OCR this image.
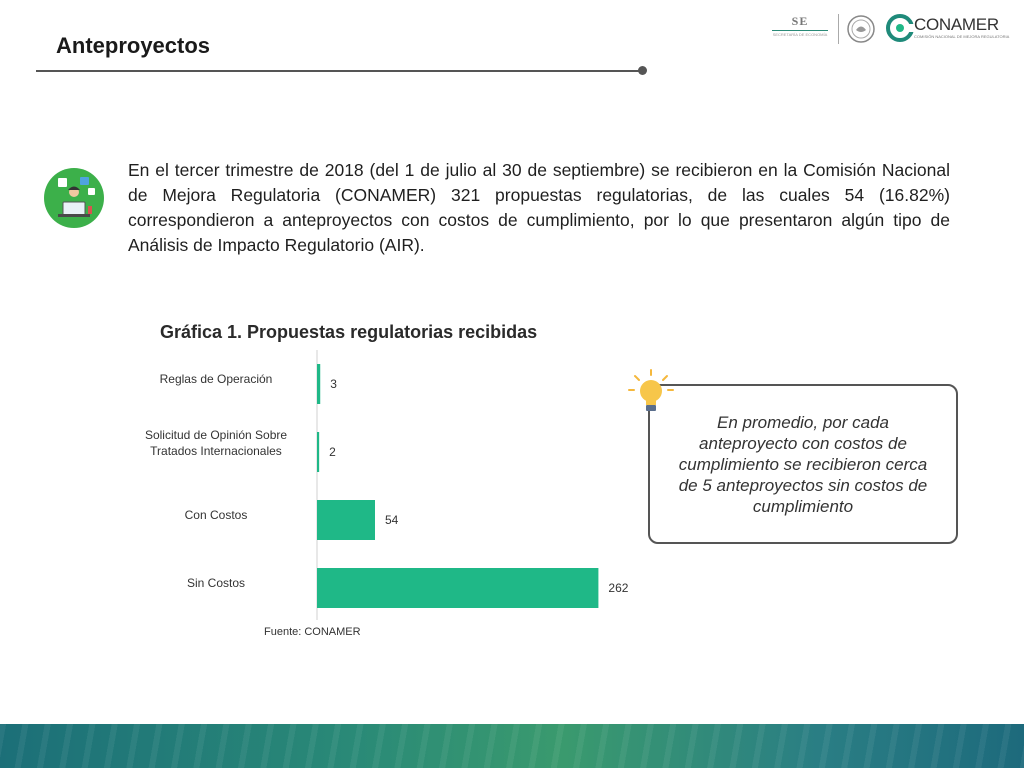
Anteproyectos
SE
SECRETARÍA DE ECONOMÍA
CONAMER
COMISIÓN NACIONAL DE MEJORA REGULATORIA
En el tercer trimestre de 2018 (del 1 de julio al 30 de septiembre) se recibieron en la Comisión Nacional de Mejora Regulatoria (CONAMER) 321 propuestas regulatorias, de las cuales 54 (16.82%) correspondieron a anteproyectos con costos de cumplimiento, por lo que presentaron algún tipo de Análisis de Impacto Regulatorio (AIR).
Gráfica 1. Propuestas regulatorias recibidas
3
Reglas de Operación
2
Solicitud de Opinión Sobre Tratados Internacionales
54
Con Costos
262
Sin Costos
Fuente: CONAMER
En promedio, por cada anteproyecto con costos de cumplimiento se recibieron cerca de 5 anteproyectos sin costos de cumplimiento
